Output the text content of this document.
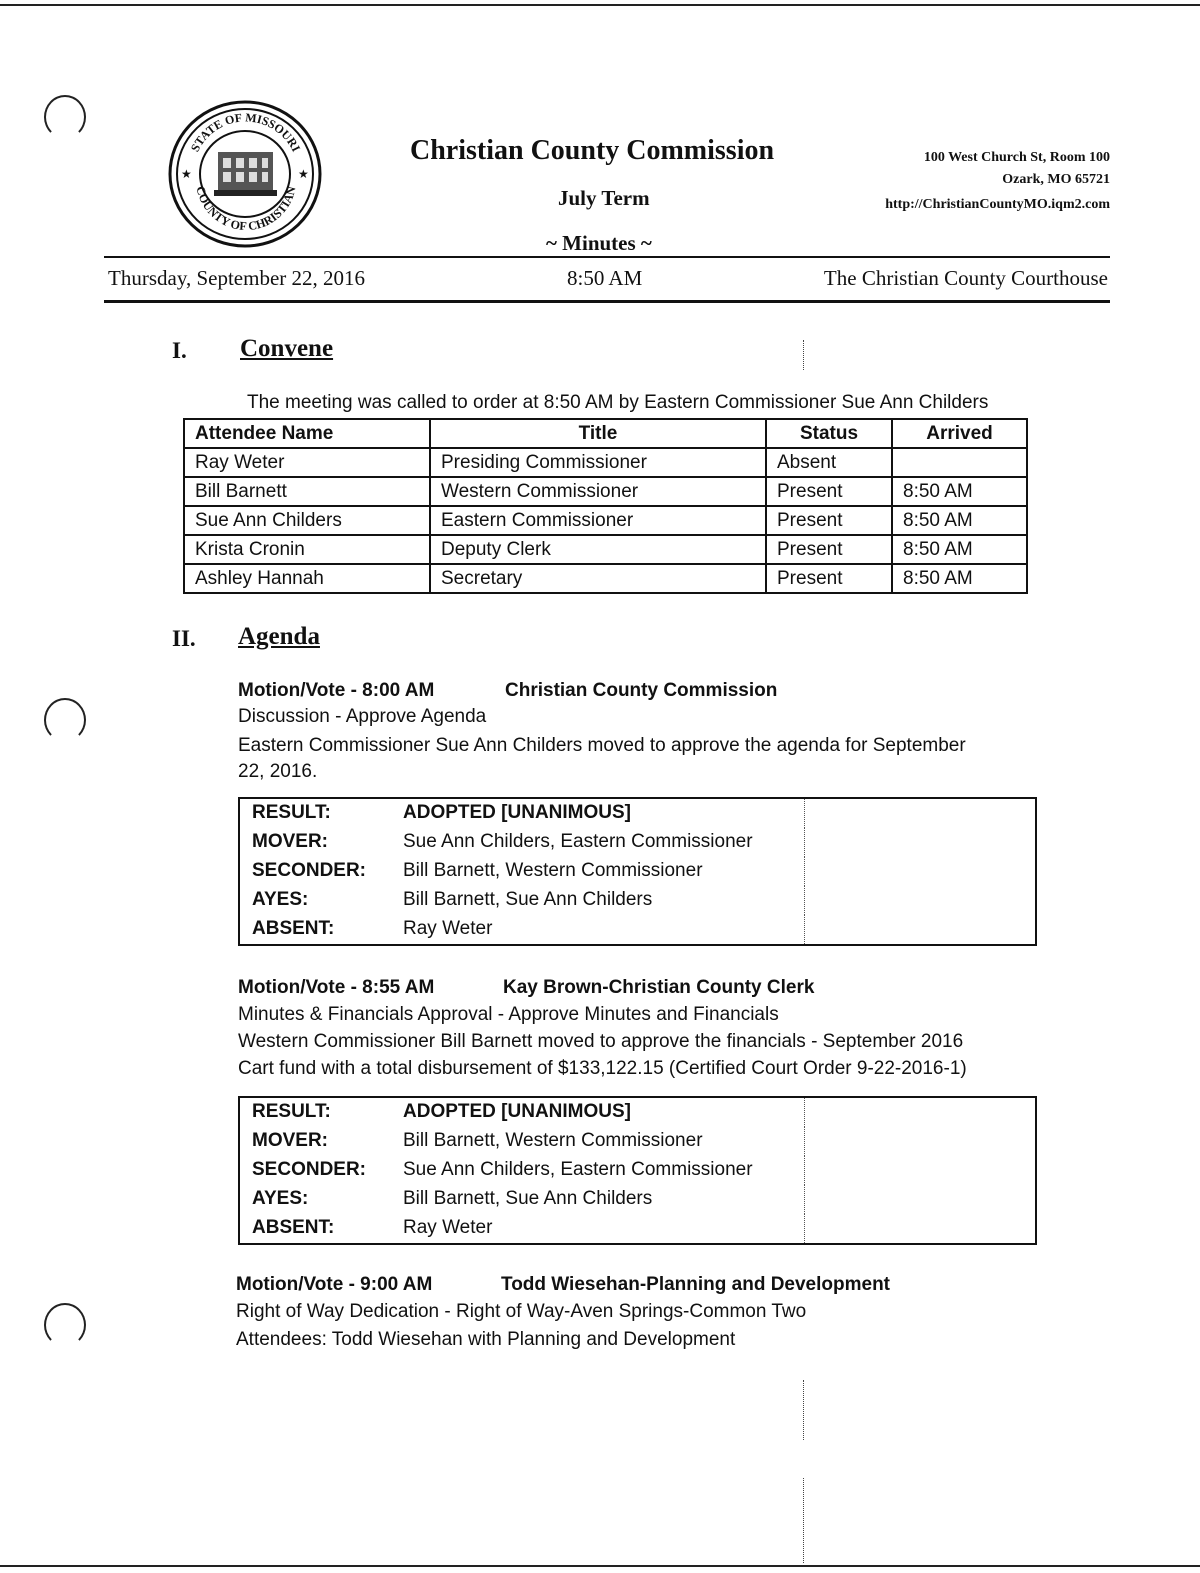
STATE OF MISSOURI
COUNTY OF CHRISTIAN
★	★
Christian County Commission
July Term
~ Minutes ~
100 West Church St, Room 100
Ozark, MO 65721
http://ChristianCountyMO.iqm2.com
Thursday, September 22, 2016	8:50 AM	The Christian County Courthouse
I. Convene
The meeting was called to order at 8:50 AM by Eastern Commissioner Sue Ann Childers
Attendee Name	Title	Status	Arrived
Ray Weter	Presiding Commissioner	Absent	
Bill Barnett	Western Commissioner	Present	8:50 AM
Sue Ann Childers	Eastern Commissioner	Present	8:50 AM
Krista Cronin	Deputy Clerk	Present	8:50 AM
Ashley Hannah	Secretary	Present	8:50 AM
II. Agenda
Motion/Vote - 8:00 AM	Christian County Commission
Discussion - Approve Agenda
Eastern Commissioner Sue Ann Childers moved to approve the agenda for September
22, 2016.
RESULT:	ADOPTED [UNANIMOUS]
MOVER:	Sue Ann Childers, Eastern Commissioner
SECONDER: Bill Barnett, Western Commissioner
AYES:	Bill Barnett, Sue Ann Childers
ABSENT:	Ray Weter
Motion/Vote - 8:55 AM	Kay Brown-Christian County Clerk
Minutes & Financials Approval - Approve Minutes and Financials
Western Commissioner Bill Barnett moved to approve the financials - September 2016
Cart fund with a total disbursement of $133,122.15 (Certified Court Order 9-22-2016-1)
RESULT:	ADOPTED [UNANIMOUS]
MOVER:	Bill Barnett, Western Commissioner
SECONDER: Sue Ann Childers, Eastern Commissioner
AYES:	Bill Barnett, Sue Ann Childers
ABSENT:	Ray Weter
Motion/Vote - 9:00 AM	Todd Wiesehan-Planning and Development
Right of Way Dedication - Right of Way-Aven Springs-Common Two
Attendees: Todd Wiesehan with Planning and Development
